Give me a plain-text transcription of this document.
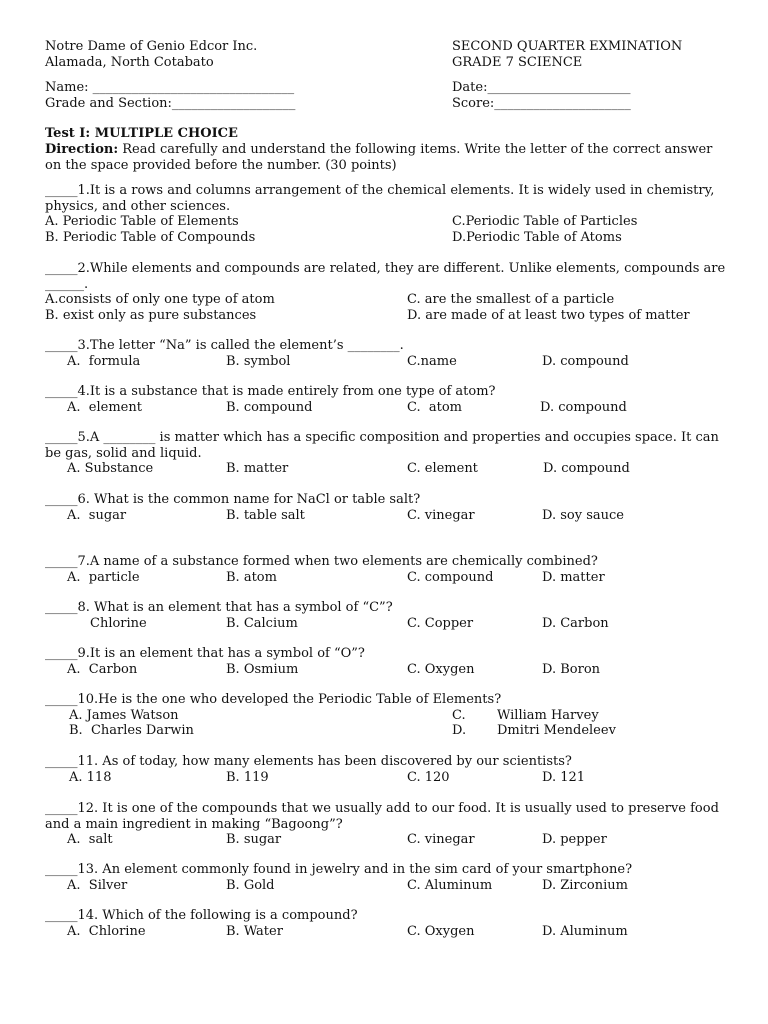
Notre Dame of Genio Edcor Inc.	SECOND QUARTER EXMINATION
Alamada, North Cotabato	GRADE 7 SCIENCE
Name: _______________________________	Date:______________________
Grade and Section:___________________	Score:_____________________
Test I: MULTIPLE CHOICE
Direction: Read carefully and understand the following items. Write the letter of the correct answer on the space provided before the number. (30 points)
_____1.It is a rows and columns arrangement of the chemical elements. It is widely used in chemistry, physics, and other sciences.
A. Periodic Table of Elements	C.Periodic Table of Particles
B. Periodic Table of Compounds	D.Periodic Table of Atoms
_____2.While elements and compounds are related, they are different. Unlike elements, compounds are ______.
A.consists of only one type of atom	C. are the smallest of a particle
B. exist only as pure substances	D. are made of at least two types of matter
_____3.The letter “Na” is called the element’s ________.
A.  formula	B. symbol	C.name	D. compound
_____4.It is a substance that is made entirely from one type of atom?
A.  element	B. compound	C.  atom	D. compound
_____5.A ________ is matter which has a specific composition and properties and occupies space. It can be gas, solid and liquid.
A. Substance	B. matter	C. element	D. compound
_____6. What is the common name for NaCl or table salt?
A.  sugar	B. table salt	C. vinegar	D. soy sauce
_____7.A name of a substance formed when two elements are chemically combined?
A.  particle	B. atom	C. compound	D. matter
_____8. What is an element that has a symbol of “C”?
Chlorine	B. Calcium	C. Copper	D. Carbon
_____9.It is an element that has a symbol of “O”?
A.  Carbon	B. Osmium	C. Oxygen	D. Boron
_____10.He is the one who developed the Periodic Table of Elements?
A. James Watson	C.	William Harvey
B.  Charles Darwin	D.	Dmitri Mendeleev
_____11. As of today, how many elements has been discovered by our scientists?
A. 118	B. 119	C. 120	D. 121
_____12. It is one of the compounds that we usually add to our food. It is usually used to preserve food and a main ingredient in making “Bagoong”?
A.  salt	B. sugar	C. vinegar	D. pepper
_____13. An element commonly found in jewelry and in the sim card of your smartphone?
A.  Silver	B. Gold	C. Aluminum	D. Zirconium
_____14. Which of the following is a compound?
A.  Chlorine	B. Water	C. Oxygen	D. Aluminum
